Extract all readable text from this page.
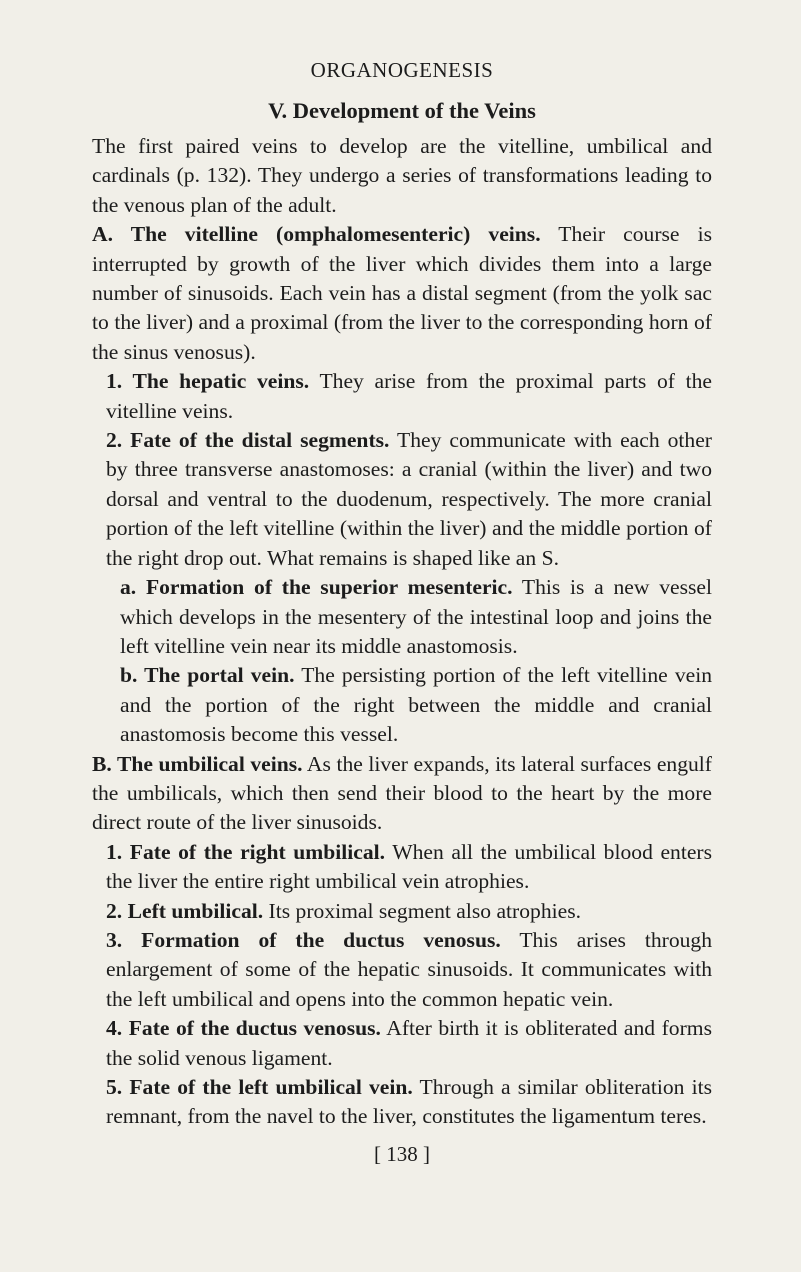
ORGANOGENESIS
V. Development of the Veins

The first paired veins to develop are the vitelline, umbilical and cardinals (p. 132). They undergo a series of transformations leading to the venous plan of the adult.

A. The vitelline (omphalomesenteric) veins. Their course is interrupted by growth of the liver which divides them into a large number of sinusoids. Each vein has a distal segment (from the yolk sac to the liver) and a proximal (from the liver to the corresponding horn of the sinus venosus).

1. The hepatic veins. They arise from the proximal parts of the vitelline veins.

2. Fate of the distal segments. They communicate with each other by three transverse anastomoses: a cranial (within the liver) and two dorsal and ventral to the duodenum, respectively. The more cranial portion of the left vitelline (within the liver) and the middle portion of the right drop out. What remains is shaped like an S.

a. Formation of the superior mesenteric. This is a new vessel which develops in the mesentery of the intestinal loop and joins the left vitelline vein near its middle anastomosis.

b. The portal vein. The persisting portion of the left vitelline vein and the portion of the right between the middle and cranial anastomosis become this vessel.

B. The umbilical veins. As the liver expands, its lateral surfaces engulf the umbilicals, which then send their blood to the heart by the more direct route of the liver sinusoids.

1. Fate of the right umbilical. When all the umbilical blood enters the liver the entire right umbilical vein atrophies.

2. Left umbilical. Its proximal segment also atrophies.

3. Formation of the ductus venosus. This arises through enlargement of some of the hepatic sinusoids. It communicates with the left umbilical and opens into the common hepatic vein.

4. Fate of the ductus venosus. After birth it is obliterated and forms the solid venous ligament.

5. Fate of the left umbilical vein. Through a similar obliteration its remnant, from the navel to the liver, constitutes the ligamentum teres.

[ 138 ]
